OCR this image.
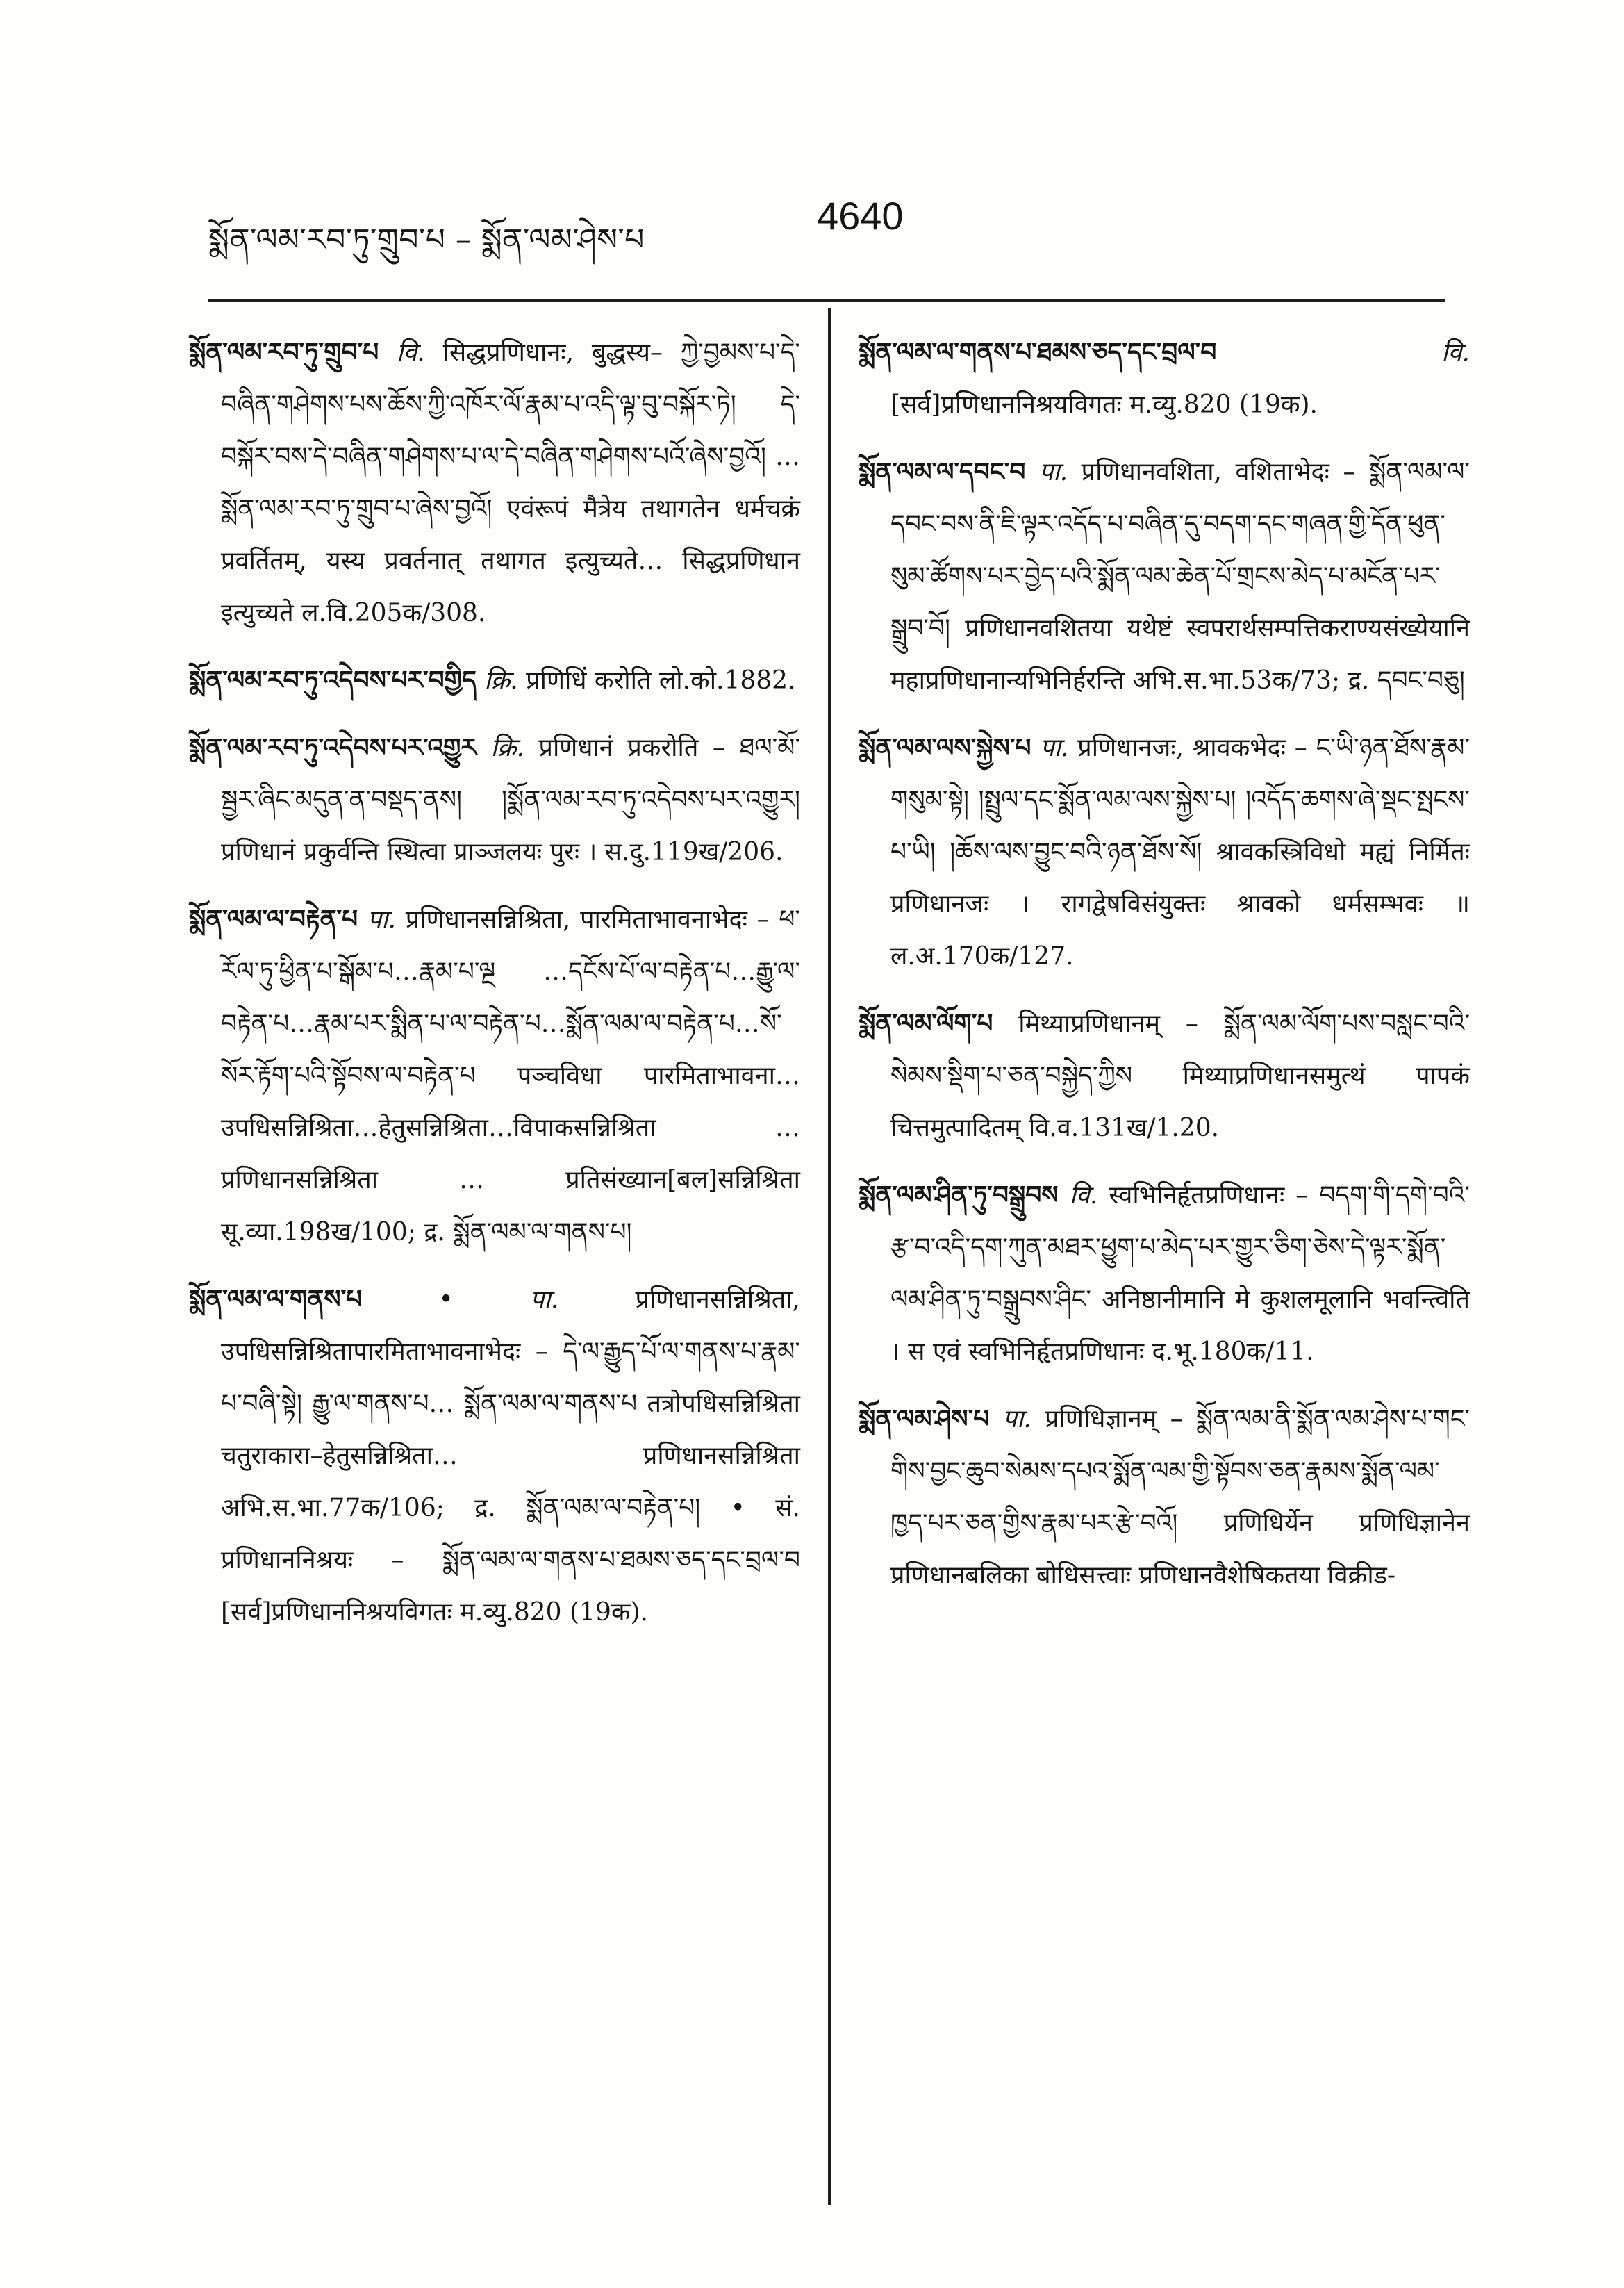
སྨོན་ལམ་རབ་ཏུ་གྲུབ་པ – སྨོན་ལམ་ཤེས་པ
4640

སྨོན་ལམ་རབ་ཏུ་གྲུབ་པ वि. सिद्धप्रणिधानः, बुद्धस्य– ཀྱེ་བྱམས་པ་དེ་བཞིན་གཤེགས་པས་ཆོས་ཀྱི་འཁོར་ལོ་རྣམ་པ་འདི་ལྟ་བུ་བསྐོར་ཏེ། དེ་བསྐོར་བས་དེ་བཞིན་གཤེགས་པ་ལ་དེ་བཞིན་གཤེགས་པའོ་ཞེས་བྱའོ། …སྨོན་ལམ་རབ་ཏུ་གྲུབ་པ་ཞེས་བྱའོ། एवंरूपं मैत्रेय तथागतेन धर्मचक्रं प्रवर्तितम्, यस्य प्रवर्तनात् तथागत इत्युच्यते… सिद्धप्रणिधान इत्युच्यते ल.वि.205क/308.

སྨོན་ལམ་རབ་ཏུ་འདེབས་པར་བགྱིད क्रि. प्रणिधिं करोति लो.को.1882.

སྨོན་ལམ་རབ་ཏུ་འདེབས་པར་འགྱུར क्रि. प्रणिधानं प्रकरोति – ཐལ་མོ་སྦྱར་ཞིང་མདུན་ན་བསྡད་ནས། །སྨོན་ལམ་རབ་ཏུ་འདེབས་པར་འགྱུར། प्रणिधानं प्रकुर्वन्ति स्थित्वा प्राञ्जलयः पुरः । स.दु.119ख/206.

སྨོན་ལམ་ལ་བརྟེན་པ पा. प्रणिधानसन्निश्रिता, पारमिताभावनाभेदः – ཕ་རོལ་ཏུ་ཕྱིན་པ་སྒོམ་པ…རྣམ་པ་ལྔ …དངོས་པོ་ལ་བརྟེན་པ…རྒྱུ་ལ་བརྟེན་པ…རྣམ་པར་སྨིན་པ་ལ་བརྟེན་པ…སྨོན་ལམ་ལ་བརྟེན་པ…སོ་སོར་རྟོག་པའི་སྟོབས་ལ་བརྟེན་པ पञ्चविधा पारमिताभावना…उपधिसन्निश्रिता…हेतुसन्निश्रिता…विपाकसन्निश्रिता …प्रणिधानसन्निश्रिता … प्रतिसंख्यान[बल]सन्निश्रिता सू.व्या.198ख/100; द्र. སྨོན་ལམ་ལ་གནས་པ།

སྨོན་ལམ་ལ་གནས་པ	• पा.	प्रणिधानसन्निश्रिता, उपधिसन्निश्रितापारमिताभावनाभेदः – དེ་ལ་རྒྱུད་པོ་ལ་གནས་པ་རྣམ་པ་བཞི་སྟེ། རྒྱུ་ལ་གནས་པ… སྨོན་ལམ་ལ་གནས་པ तत्रोपधिसन्निश्रिता चतुराकारा–हेतुसन्निश्रिता… प्रणिधानसन्निश्रिता अभि.स.भा.77क/106; द्र. སྨོན་ལམ་ལ་བརྟེན་པ། • सं. प्रणिधाननिश्रयः – སྨོན་ལམ་ལ་གནས་པ་ཐམས་ཅད་དང་བྲལ་བ [सर्व]प्रणिधाननिश्रयविगतः म.व्यु.820 (19क).

སྨོན་ལམ་ལ་གནས་པ་ཐམས་ཅད་དང་བྲལ་བ	वि. [सर्व]प्रणिधाननिश्रयविगतः म.व्यु.820 (19क).

སྨོན་ལམ་ལ་དབང་བ पा. प्रणिधानवशिता, वशिताभेदः – སྨོན་ལམ་ལ་དབང་བས་ནི་ཇི་ལྟར་འདོད་པ་བཞིན་དུ་བདག་དང་གཞན་གྱི་དོན་ཕུན་སུམ་ཚོགས་པར་བྱེད་པའི་སྨོན་ལམ་ཆེན་པོ་གྲངས་མེད་པ་མངོན་པར་སྒྲུབ་བོ། प्रणिधानवशितया यथेष्टं स्वपरार्थसम्पत्तिकराण्यसंख्येयानि महाप्रणिधानान्यभिनिर्हरन्ति अभि.स.भा.53क/73; द्र. དབང་བཅུ།

སྨོན་ལམ་ལས་སྐྱེས་པ पा. प्रणिधानजः, श्रावकभेदः – ང་ཡི་ཉན་ཐོས་རྣམ་གསུམ་སྟེ། །སྤྲུལ་དང་སྨོན་ལམ་ལས་སྐྱེས་པ། །འདོད་ཆགས་ཞེ་སྡང་སྤངས་པ་ཡི། །ཆོས་ལས་བྱུང་བའི་ཉན་ཐོས་སོ། श्रावकस्त्रिविधो मह्यं निर्मितः प्रणिधानजः । रागद्वेषविसंयुक्तः श्रावको धर्मसम्भवः ॥ ल.अ.170क/127.

སྨོན་ལམ་ལོག་པ मिथ्याप्रणिधानम् – སྨོན་ལམ་ལོག་པས་བསླང་བའི་སེམས་སྡིག་པ་ཅན་བསྐྱེད་ཀྱིས मिथ्याप्रणिधानसमुत्थं पापकं चित्तमुत्पादितम् वि.व.131ख/1.20.

སྨོན་ལམ་ཤིན་ཏུ་བསྒྲུབས वि. स्वभिनिर्हृतप्रणिधानः – བདག་གི་དགེ་བའི་རྩ་བ་འདི་དག་ཀུན་མཐར་ཕྱུག་པ་མེད་པར་གྱུར་ཅིག་ཅེས་དེ་ལྟར་སྨོན་ལམ་ཤིན་ཏུ་བསྒྲུབས་ཤིང་ अनिष्ठानीमानि मे कुशलमूलानि भवन्त्विति । स एवं स्वभिनिर्हृतप्रणिधानः द.भू.180क/11.

སྨོན་ལམ་ཤེས་པ पा. प्रणिधिज्ञानम् – སྨོན་ལམ་ནི་སྨོན་ལམ་ཤེས་པ་གང་གིས་བྱང་ཆུབ་སེམས་དཔའ་སྨོན་ལམ་གྱི་སྟོབས་ཅན་རྣམས་སྨོན་ལམ་ཁྱད་པར་ཅན་གྱིས་རྣམ་པར་རྩེ་བའོ། प्रणिधिर्येन प्रणिधिज्ञानेन प्रणिधानबलिका बोधिसत्त्वाः प्रणिधानवैशेषिकतया विक्रीड-
